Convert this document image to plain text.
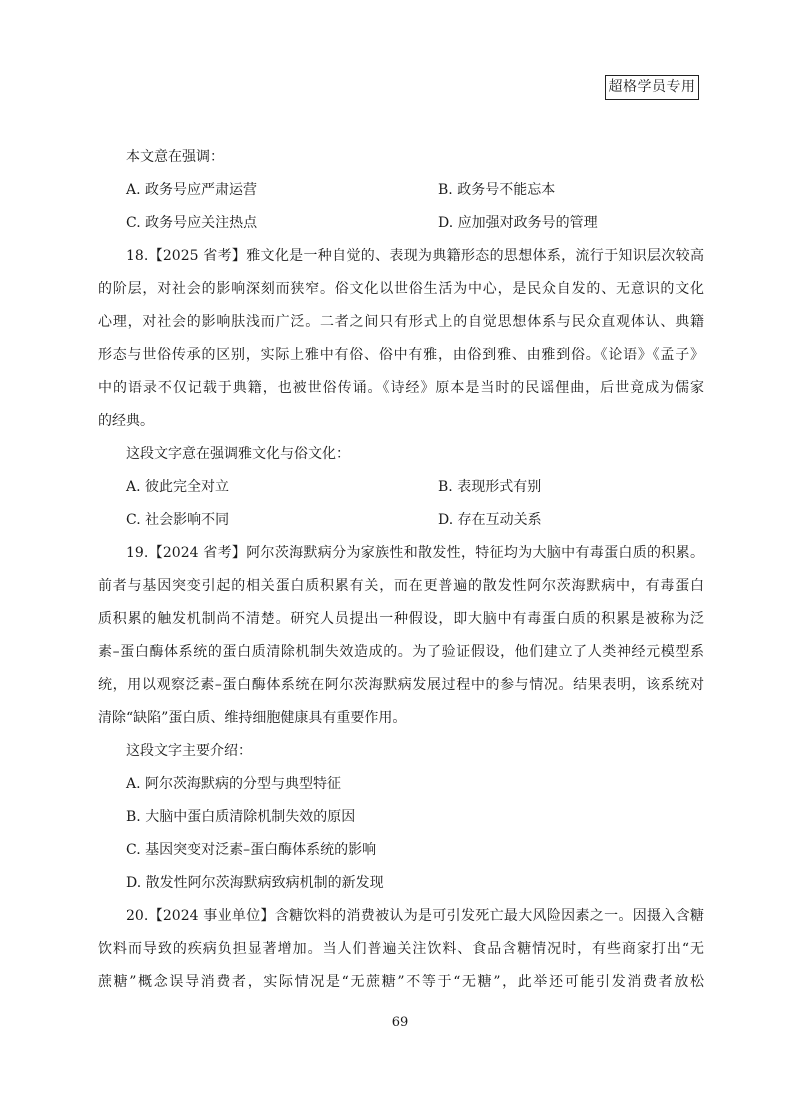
超格学员专用
本文意在强调：
A. 政务号应严肃运营	B. 政务号不能忘本
C. 政务号应关注热点	D. 应加强对政务号的管理
18.【2025 省考】雅文化是一种自觉的、表现为典籍形态的思想体系，流行于知识层次较高
的阶层，对社会的影响深刻而狭窄。俗文化以世俗生活为中心，是民众自发的、无意识的文化
心理，对社会的影响肤浅而广泛。二者之间只有形式上的自觉思想体系与民众直观体认、典籍
形态与世俗传承的区别，实际上雅中有俗、俗中有雅，由俗到雅、由雅到俗。《论语》《孟子》
中的语录不仅记载于典籍，也被世俗传诵。《诗经》原本是当时的民谣俚曲，后世竟成为儒家
的经典。
这段文字意在强调雅文化与俗文化：
A. 彼此完全对立	B. 表现形式有别
C. 社会影响不同	D. 存在互动关系
19.【2024 省考】阿尔茨海默病分为家族性和散发性，特征均为大脑中有毒蛋白质的积累。
前者与基因突变引起的相关蛋白质积累有关，而在更普遍的散发性阿尔茨海默病中，有毒蛋白
质积累的触发机制尚不清楚。研究人员提出一种假设，即大脑中有毒蛋白质的积累是被称为泛
素–蛋白酶体系统的蛋白质清除机制失效造成的。为了验证假设，他们建立了人类神经元模型系
统，用以观察泛素–蛋白酶体系统在阿尔茨海默病发展过程中的参与情况。结果表明，该系统对
清除“缺陷”蛋白质、维持细胞健康具有重要作用。
这段文字主要介绍：
A. 阿尔茨海默病的分型与典型特征
B. 大脑中蛋白质清除机制失效的原因
C. 基因突变对泛素–蛋白酶体系统的影响
D. 散发性阿尔茨海默病致病机制的新发现
20.【2024 事业单位】含糖饮料的消费被认为是可引发死亡最大风险因素之一。因摄入含糖
饮料而导致的疾病负担显著增加。当人们普遍关注饮料、食品含糖情况时，有些商家打出“无
蔗糖”概念误导消费者，实际情况是“无蔗糖”不等于“无糖”，此举还可能引发消费者放松
69
